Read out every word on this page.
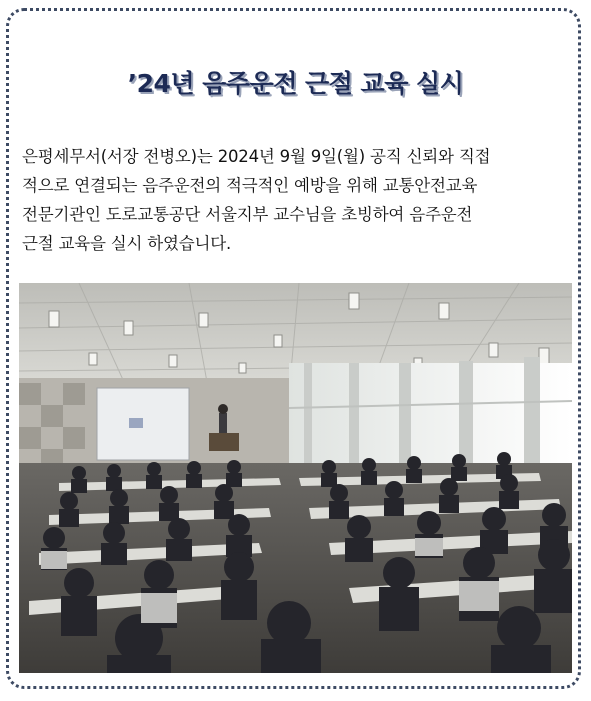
’24년 음주운전 근절 교육 실시
은평세무서(서장 전병오)는 2024년 9월 9일(월) 공직 신뢰와 직접
적으로 연결되는 음주운전의 적극적인 예방을 위해 교통안전교육
전문기관인 도로교통공단 서울지부 교수님을 초빙하여 음주운전
근절 교육을 실시 하였습니다.
